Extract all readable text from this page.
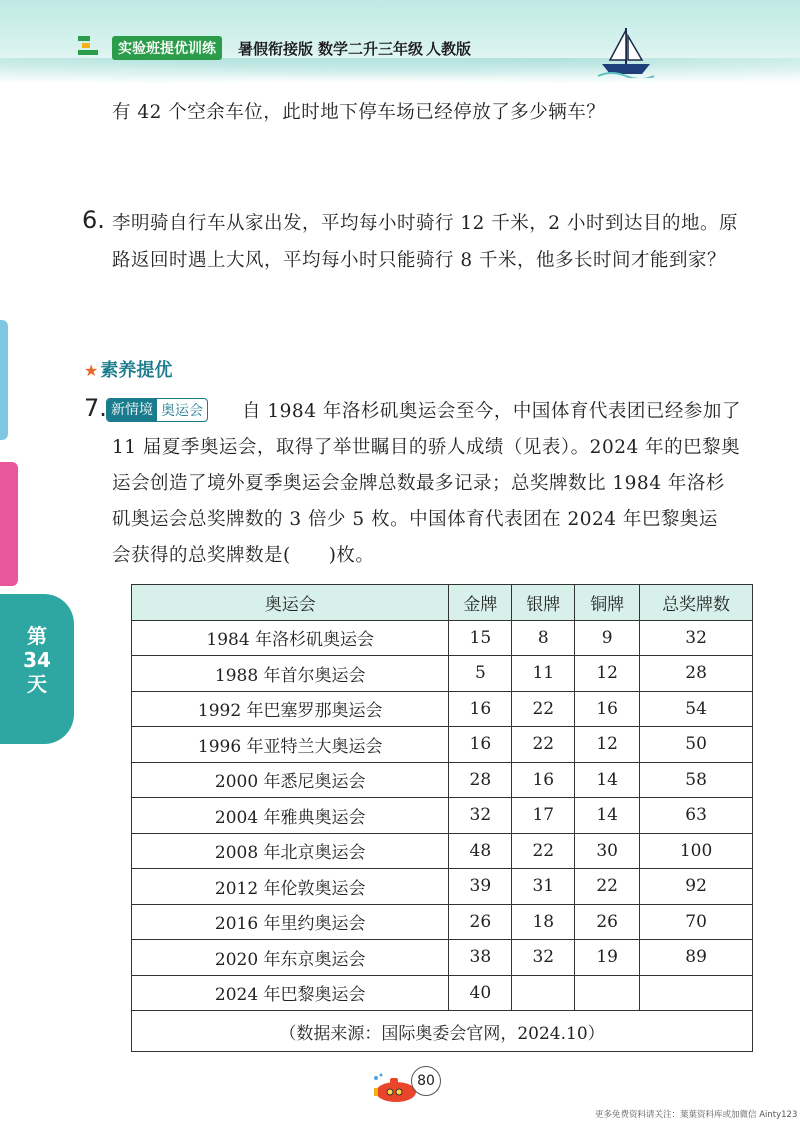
实验班提优训练	暑假衔接版 数学二升三年级 人教版
有 42 个空余车位，此时地下停车场已经停放了多少辆车？
6. 李明骑自行车从家出发，平均每小时骑行 12 千米，2 小时到达目的地。原
路返回时遇上大风，平均每小时只能骑行 8 千米，他多长时间才能到家？
★ 素养提优
7. 新情境 奥运会 自 1984 年洛杉矶奥运会至今，中国体育代表团已经参加了
11 届夏季奥运会，取得了举世瞩目的骄人成绩（见表）。2024 年的巴黎奥
运会创造了境外夏季奥运会金牌总数最多记录；总奖牌数比 1984 年洛杉
矶奥运会总奖牌数的 3 倍少 5 枚。中国体育代表团在 2024 年巴黎奥运
会获得的总奖牌数是(　　)枚。
第
34
天
奥运会	金牌	银牌	铜牌	总奖牌数
1984 年洛杉矶奥运会	15	8	9	32
1988 年首尔奥运会	5	11	12	28
1992 年巴塞罗那奥运会	16	22	16	54
1996 年亚特兰大奥运会	16	22	12	50
2000 年悉尼奥运会	28	16	14	58
2004 年雅典奥运会	32	17	14	63
2008 年北京奥运会	48	22	30	100
2012 年伦敦奥运会	39	31	22	92
2016 年里约奥运会	26	18	26	70
2020 年东京奥运会	38	32	19	89
2024 年巴黎奥运会	40			
（数据来源：国际奥委会官网，2024.10）				
80
更多免费资料请关注：葉葉资料库或加微信 Ainty123
